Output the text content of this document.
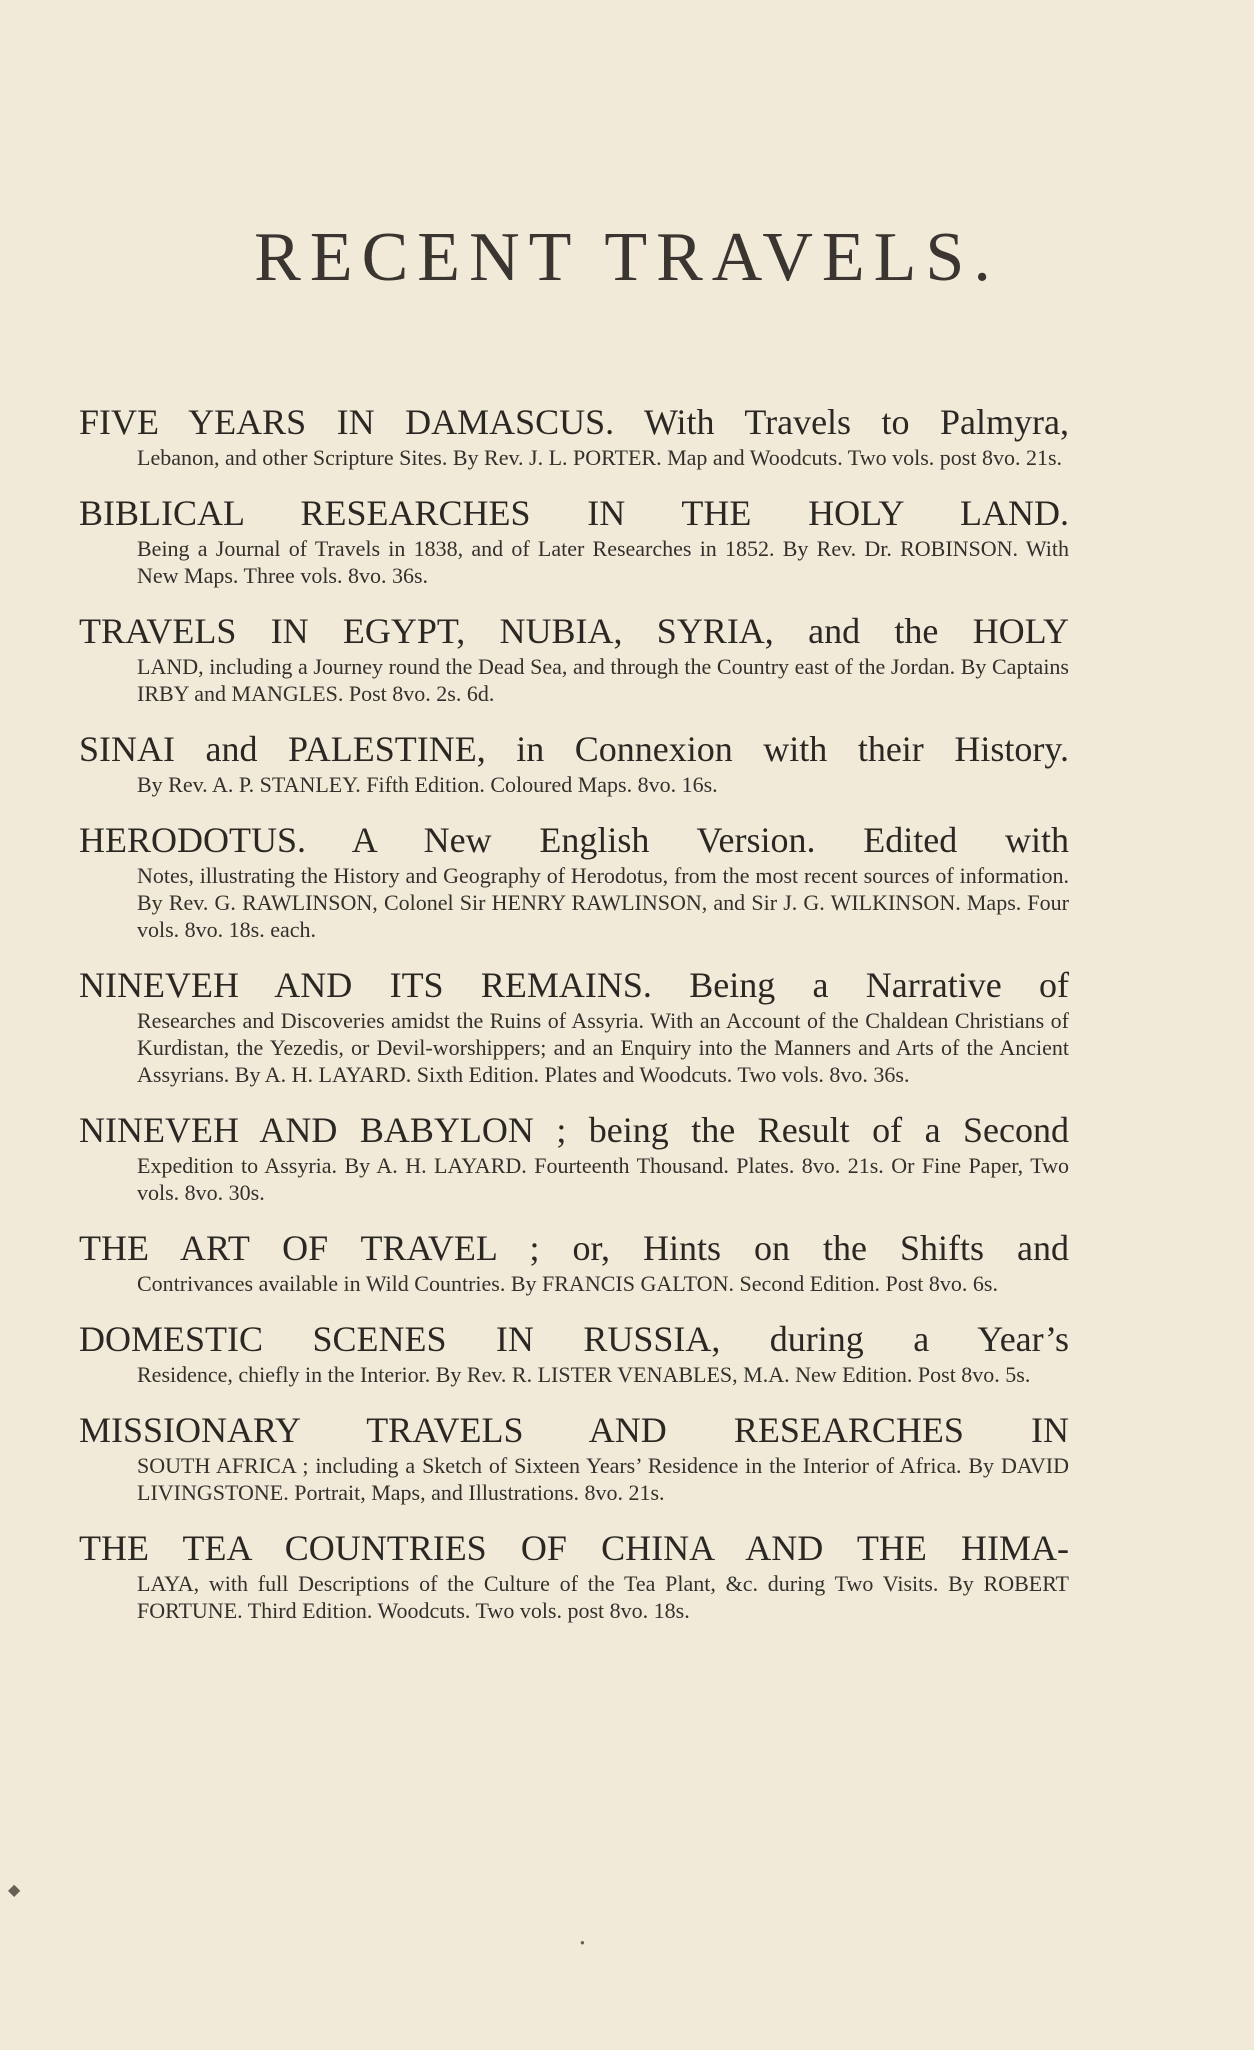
RECENT TRAVELS.

FIVE YEARS IN DAMASCUS. With Travels to Palmyra,

Lebanon, and other Scripture Sites. By Rev. J. L. PORTER. Map and Woodcuts. Two vols. post 8vo. 21s.

BIBLICAL RESEARCHES IN THE HOLY LAND.

Being a Journal of Travels in 1838, and of Later Researches in 1852. By Rev. Dr. ROBINSON. With New Maps. Three vols. 8vo. 36s.

TRAVELS IN EGYPT, NUBIA, SYRIA, and the HOLY

LAND, including a Journey round the Dead Sea, and through the Country east of the Jordan. By Captains IRBY and MANGLES. Post 8vo. 2s. 6d.

SINAI and PALESTINE, in Connexion with their History.

By Rev. A. P. STANLEY. Fifth Edition. Coloured Maps. 8vo. 16s.

HERODOTUS. A New English Version. Edited with

Notes, illustrating the History and Geography of Herodotus, from the most recent sources of information. By Rev. G. RAWLINSON, Colonel Sir HENRY RAWLINSON, and Sir J. G. WILKINSON. Maps. Four vols. 8vo. 18s. each.

NINEVEH AND ITS REMAINS. Being a Narrative of

Researches and Discoveries amidst the Ruins of Assyria. With an Account of the Chaldean Christians of Kurdistan, the Yezedis, or Devil-worshippers; and an Enquiry into the Manners and Arts of the Ancient Assyrians. By A. H. LAYARD. Sixth Edition. Plates and Woodcuts. Two vols. 8vo. 36s.

NINEVEH AND BABYLON ; being the Result of a Second

Expedition to Assyria. By A. H. LAYARD. Fourteenth Thousand. Plates. 8vo. 21s. Or Fine Paper, Two vols. 8vo. 30s.

THE ART OF TRAVEL ; or, Hints on the Shifts and

Contrivances available in Wild Countries. By FRANCIS GALTON. Second Edition. Post 8vo. 6s.

DOMESTIC SCENES IN RUSSIA, during a Year’s

Residence, chiefly in the Interior. By Rev. R. LISTER VENABLES, M.A. New Edition. Post 8vo. 5s.

MISSIONARY TRAVELS AND RESEARCHES IN

SOUTH AFRICA ; including a Sketch of Sixteen Years’ Residence in the Interior of Africa. By DAVID LIVINGSTONE. Portrait, Maps, and Illustrations. 8vo. 21s.

THE TEA COUNTRIES OF CHINA AND THE HIMA-

LAYA, with full Descriptions of the Culture of the Tea Plant, &c. during Two Visits. By ROBERT FORTUNE. Third Edition. Woodcuts. Two vols. post 8vo. 18s.

◆
●
